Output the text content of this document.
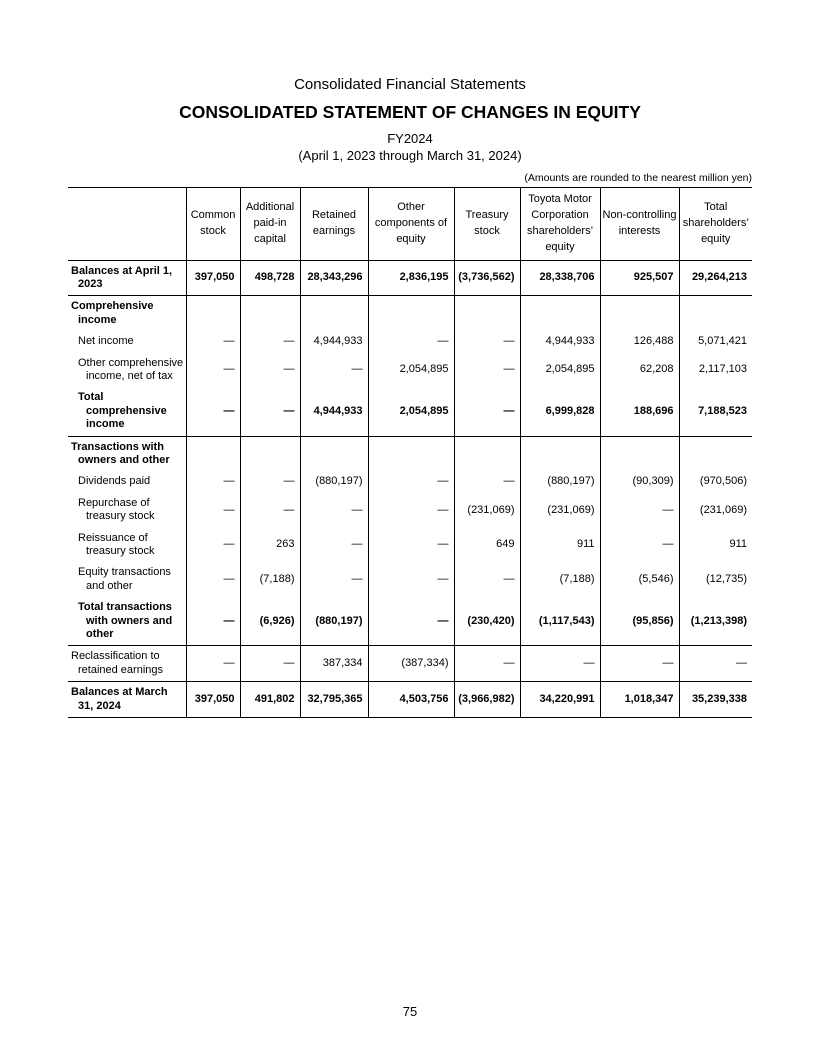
Consolidated Financial Statements
CONSOLIDATED STATEMENT OF CHANGES IN EQUITY
FY2024
(April 1, 2023 through March 31, 2024)
(Amounts are rounded to the nearest million yen)
	Common stock	Additional paid-in capital	Retained earnings	Other components of equity	Treasury stock	Toyota Motor Corporation shareholders’ equity	Non-controlling interests	Total shareholders’ equity
Balances at April 1, 2023	397,050	498,728	28,343,296	2,836,195	(3,736,562)	28,338,706	925,507	29,264,213
Comprehensive income								
Net income	—	—	4,944,933	—	—	4,944,933	126,488	5,071,421
Other comprehensive income, net of tax	—	—	—	2,054,895	—	2,054,895	62,208	2,117,103
Total comprehensive income	—	—	4,944,933	2,054,895	—	6,999,828	188,696	7,188,523
Transactions with owners and other								
Dividends paid	—	—	(880,197)	—	—	(880,197)	(90,309)	(970,506)
Repurchase of treasury stock	—	—	—	—	(231,069)	(231,069)	—	(231,069)
Reissuance of treasury stock	—	263	—	—	649	911	—	911
Equity transactions and other	—	(7,188)	—	—	—	(7,188)	(5,546)	(12,735)
Total transactions with owners and other	—	(6,926)	(880,197)	—	(230,420)	(1,117,543)	(95,856)	(1,213,398)
Reclassification to retained earnings	—	—	387,334	(387,334)	—	—	—	—
Balances at March 31, 2024	397,050	491,802	32,795,365	4,503,756	(3,966,982)	34,220,991	1,018,347	35,239,338
75
